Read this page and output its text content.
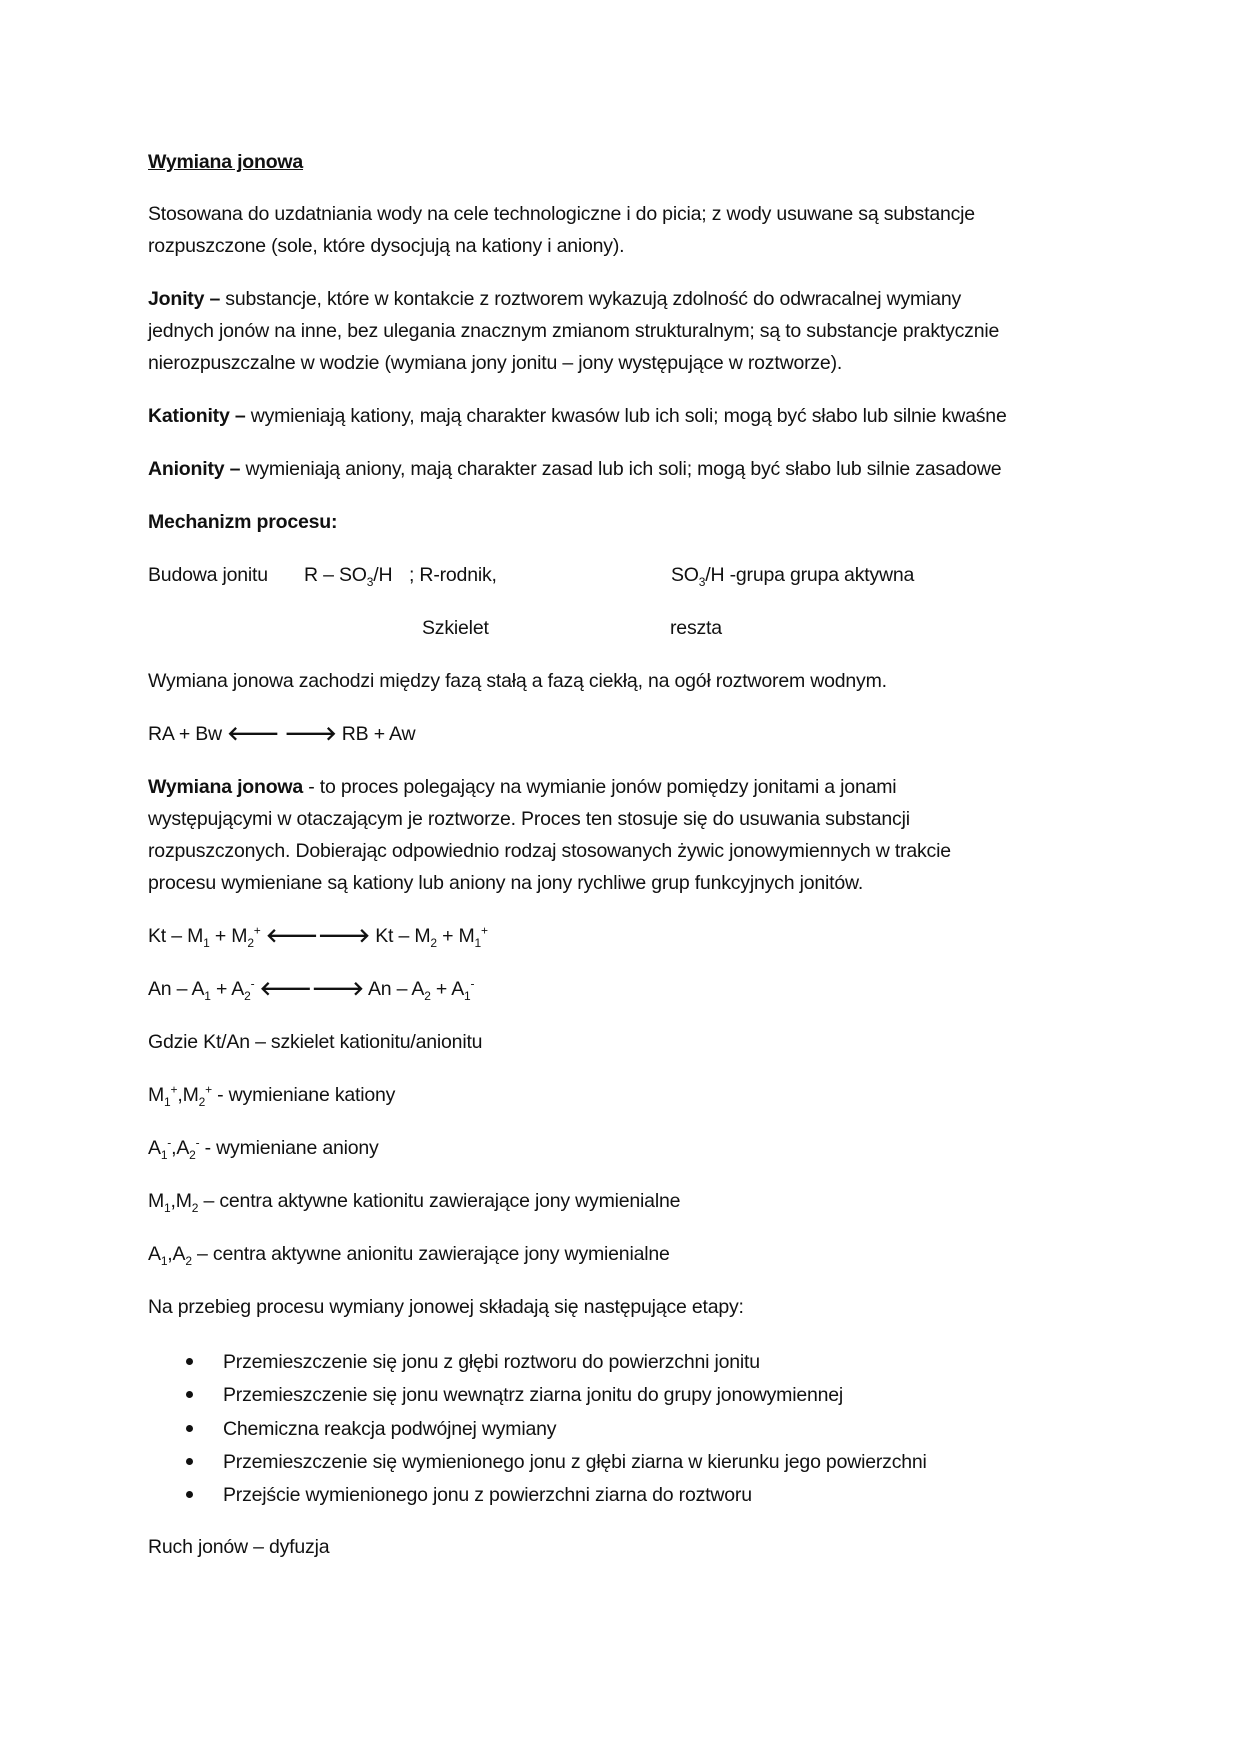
Wymiana jonowa

Stosowana do uzdatniania wody na cele technologiczne i do picia; z wody usuwane są substancje

rozpuszczone (sole, które dysocjują na kationy i aniony).

Jonity – substancje, które w kontakcie z roztworem wykazują zdolność do odwracalnej wymiany

jednych jonów na inne, bez ulegania znacznym zmianom strukturalnym; są to substancje praktycznie

nierozpuszczalne w wodzie (wymiana jony jonitu – jony występujące w roztworze).

Kationity – wymieniają kationy, mają charakter kwasów lub ich soli; mogą być słabo lub silnie kwaśne

Anionity – wymieniają aniony, mają charakter zasad lub ich soli; mogą być słabo lub silnie zasadowe

Mechanizm procesu:

Budowa jonitu R – $SO_3/H$ ; R-rodnik,	$SO_3/H$ -grupa grupa aktywna

Szkielet	reszta

Wymiana jonowa zachodzi między fazą stałą a fazą ciekłą, na ogół roztworem wodnym.

RA + Bw 🡐 🡒 RB + Aw

Wymiana jonowa - to proces polegający na wymianie jonów pomiędzy jonitami a jonami

występującymi w otaczającym je roztworze. Proces ten stosuje się do usuwania substancji

rozpuszczonych. Dobierając odpowiednio rodzaj stosowanych żywic jonowymiennych w trakcie

procesu wymieniane są kationy lub aniony na jony rychliwe grup funkcyjnych jonitów.

$Kt - M_1 + M_2^+$ 🡐🡒 $Kt - M_2 + M_1^+$

$An - A_1 + A_2^-$ 🡐🡒 $An - A_2 + A_1^-$

Gdzie Kt/An – szkielet kationitu/anionitu

$M_1^+,M_2^+$ - wymieniane kationy

$A_1^-,A_2^-$ - wymieniane aniony

$M_1,M_2$ – centra aktywne kationitu zawierające jony wymienialne

$A_1,A_2$ – centra aktywne anionitu zawierające jony wymienialne

Na przebieg procesu wymiany jonowej składają się następujące etapy:

Przemieszczenie się jonu z głębi roztworu do powierzchni jonitu
Przemieszczenie się jonu wewnątrz ziarna jonitu do grupy jonowymiennej
Chemiczna reakcja podwójnej wymiany
Przemieszczenie się wymienionego jonu z głębi ziarna w kierunku jego powierzchni
Przejście wymienionego jonu z powierzchni ziarna do roztworu

Ruch jonów – dyfuzja
